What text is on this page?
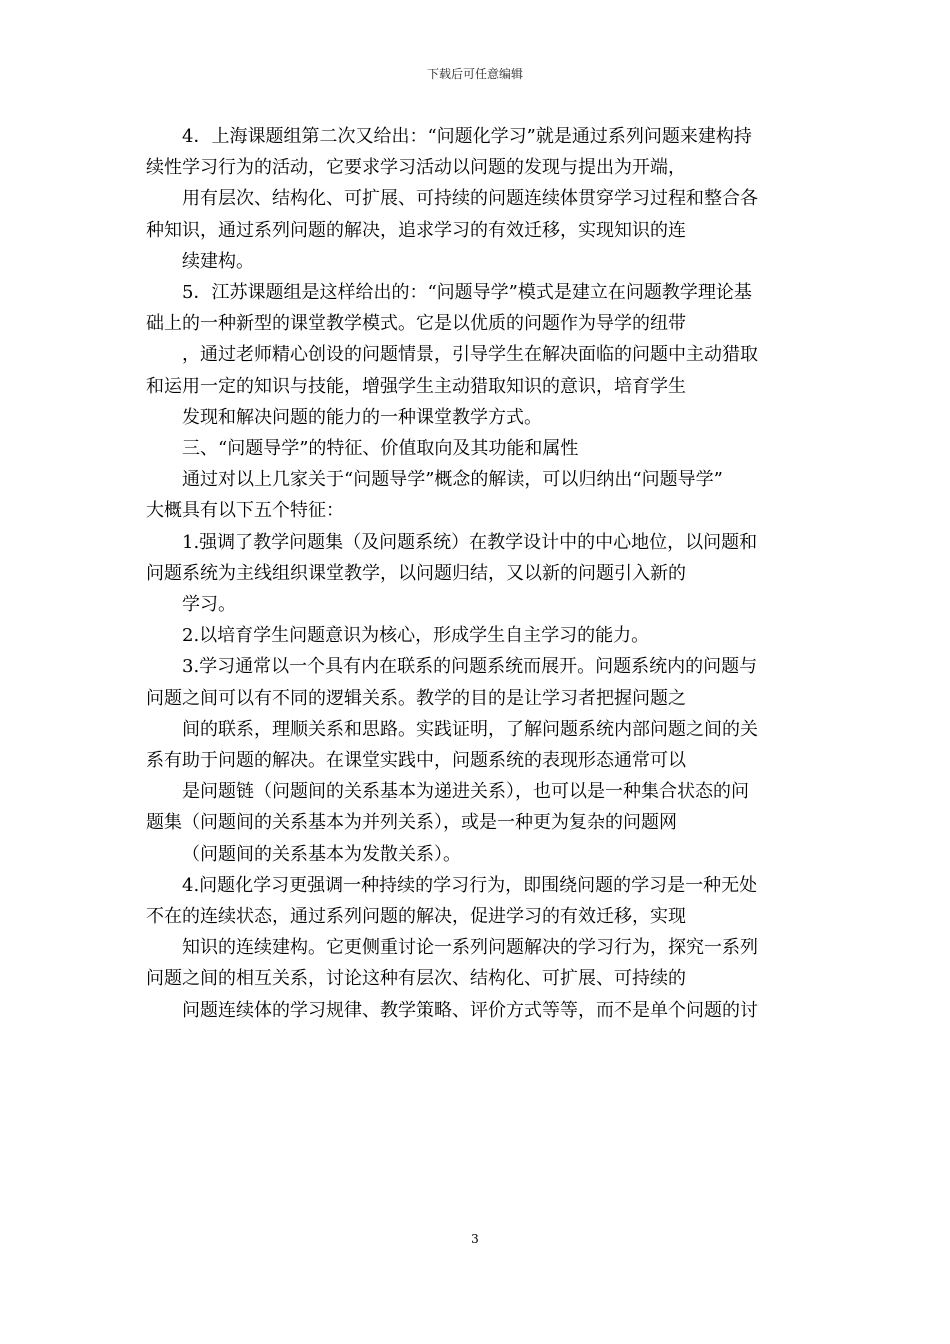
下载后可任意编辑

4．上海课题组第二次又给出：“问题化学习”就是通过系列问题来建构持

续性学习行为的活动，它要求学习活动以问题的发现与提出为开端，

用有层次、结构化、可扩展、可持续的问题连续体贯穿学习过程和整合各

种知识，通过系列问题的解决，追求学习的有效迁移，实现知识的连

续建构。

5．江苏课题组是这样给出的：“问题导学”模式是建立在问题教学理论基

础上的一种新型的课堂教学模式。它是以优质的问题作为导学的纽带

，通过老师精心创设的问题情景，引导学生在解决面临的问题中主动猎取

和运用一定的知识与技能，增强学生主动猎取知识的意识，培育学生

发现和解决问题的能力的一种课堂教学方式。

三、“问题导学”的特征、价值取向及其功能和属性

通过对以上几家关于“问题导学”概念的解读，可以归纳出“问题导学”

大概具有以下五个特征：

1.强调了教学问题集（及问题系统）在教学设计中的中心地位，以问题和

问题系统为主线组织课堂教学，以问题归结，又以新的问题引入新的

学习。

2.以培育学生问题意识为核心，形成学生自主学习的能力。

3.学习通常以一个具有内在联系的问题系统而展开。问题系统内的问题与

问题之间可以有不同的逻辑关系。教学的目的是让学习者把握问题之

间的联系，理顺关系和思路。实践证明，了解问题系统内部问题之间的关

系有助于问题的解决。在课堂实践中，问题系统的表现形态通常可以

是问题链（问题间的关系基本为递进关系），也可以是一种集合状态的问

题集（问题间的关系基本为并列关系），或是一种更为复杂的问题网

（问题间的关系基本为发散关系）。

4.问题化学习更强调一种持续的学习行为，即围绕问题的学习是一种无处

不在的连续状态，通过系列问题的解决，促进学习的有效迁移，实现

知识的连续建构。它更侧重讨论一系列问题解决的学习行为，探究一系列

问题之间的相互关系，讨论这种有层次、结构化、可扩展、可持续的

问题连续体的学习规律、教学策略、评价方式等等，而不是单个问题的讨

3
